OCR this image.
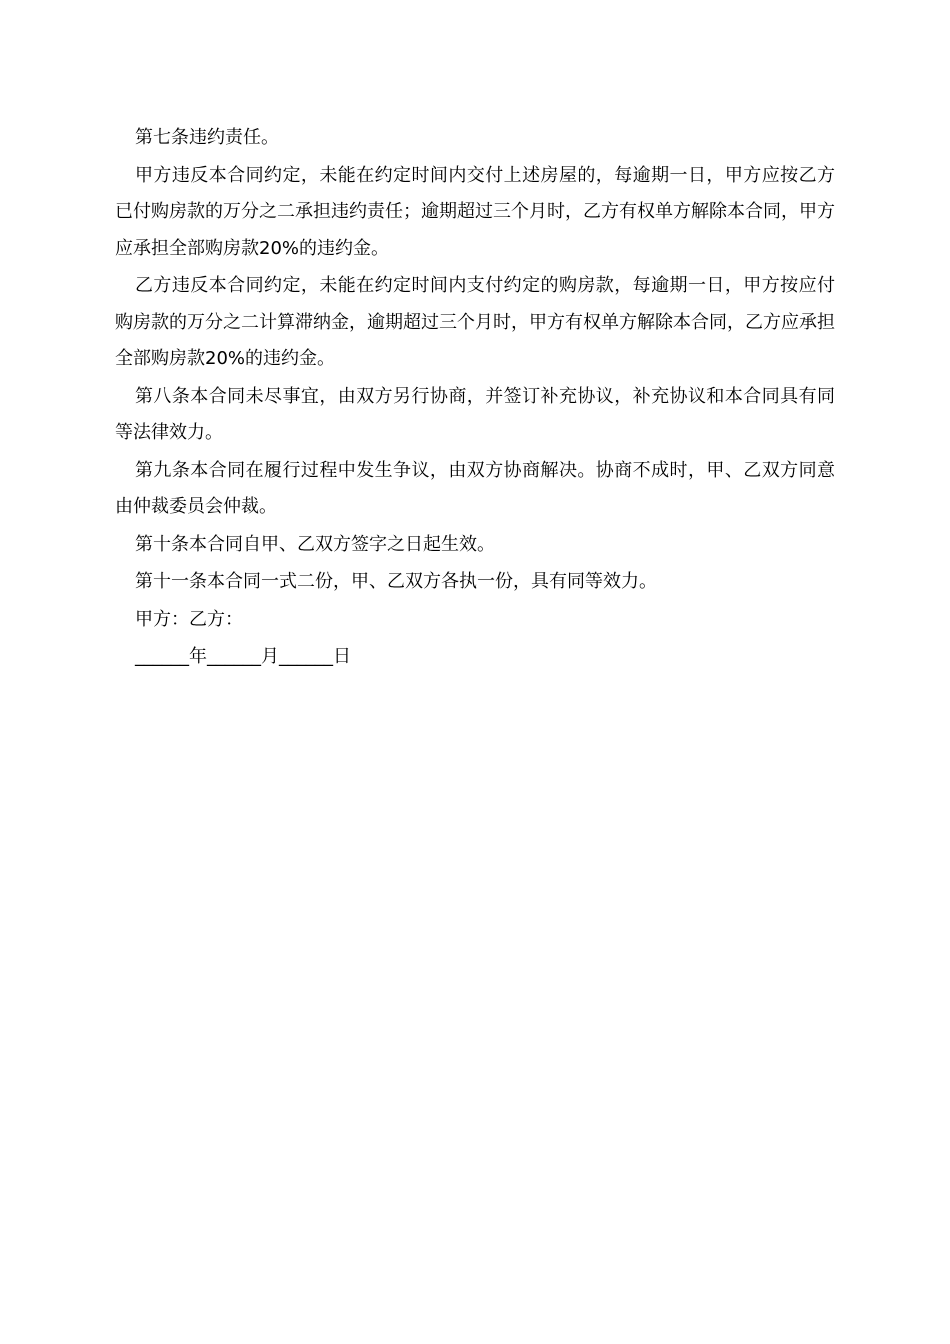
第七条违约责任。

甲方违反本合同约定，未能在约定时间内交付上述房屋的，每逾期一日，甲方应按乙方已付购房款的万分之二承担违约责任；逾期超过三个月时，乙方有权单方解除本合同，甲方应承担全部购房款20%的违约金。

乙方违反本合同约定，未能在约定时间内支付约定的购房款，每逾期一日，甲方按应付购房款的万分之二计算滞纳金，逾期超过三个月时，甲方有权单方解除本合同，乙方应承担全部购房款20%的违约金。

第八条本合同未尽事宜，由双方另行协商，并签订补充协议，补充协议和本合同具有同等法律效力。

第九条本合同在履行过程中发生争议，由双方协商解决。协商不成时，甲、乙双方同意由仲裁委员会仲裁。

第十条本合同自甲、乙双方签字之日起生效。

第十一条本合同一式二份，甲、乙双方各执一份，具有同等效力。

甲方：乙方：

______年______月______日
